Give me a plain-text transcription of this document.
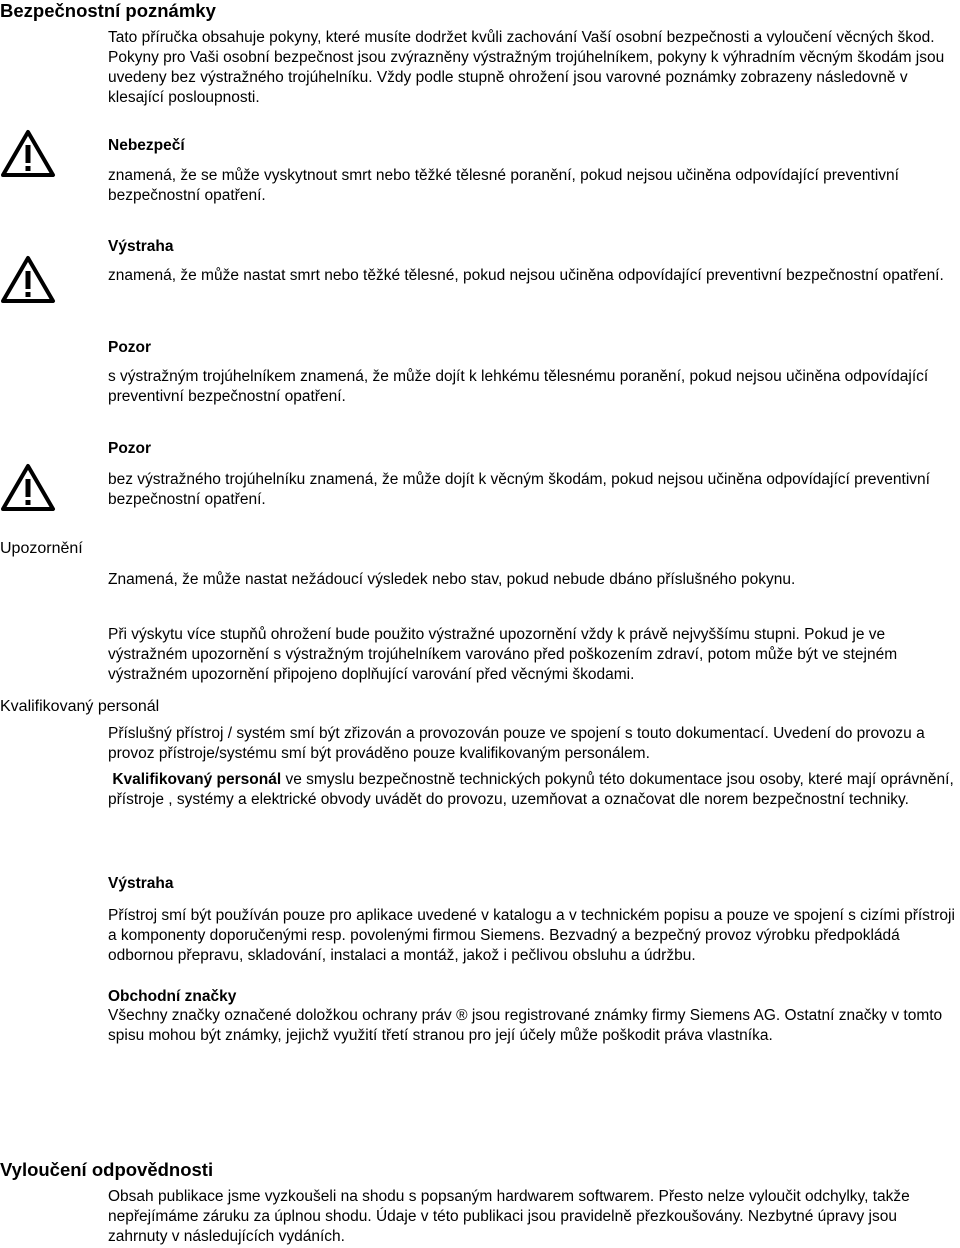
Bezpečnostní poznámky

Tato příručka obsahuje pokyny, které musíte dodržet kvůli zachování Vaší osobní bezpečnosti a vyloučení věcných škod. Pokyny pro Vaši osobní bezpečnost jsou zvýrazněny výstražným trojúhelníkem, pokyny k výhradním věcným škodám jsou uvedeny bez výstražného trojúhelníku. Vždy podle stupně ohrožení jsou varovné poznámky zobrazeny následovně v klesající posloupnosti.

Nebezpečí

znamená, že se může vyskytnout smrt nebo těžké tělesné poranění, pokud nejsou učiněna odpovídající preventivní bezpečnostní opatření.

Výstraha

znamená, že může nastat smrt nebo těžké tělesné, pokud nejsou učiněna odpovídající preventivní bezpečnostní opatření.

Pozor

s výstražným trojúhelníkem znamená, že může dojít k lehkému tělesnému poranění, pokud nejsou učiněna odpovídající preventivní bezpečnostní opatření.

Pozor

bez výstražného trojúhelníku znamená, že může dojít k věcným škodám, pokud nejsou učiněna odpovídající preventivní bezpečnostní opatření.

Upozornění

Znamená, že může nastat nežádoucí výsledek nebo stav, pokud nebude dbáno příslušného pokynu.

Při výskytu více stupňů ohrožení bude použito výstražné upozornění vždy k právě nejvyššímu stupni. Pokud je ve výstražném upozornění s výstražným trojúhelníkem varováno před poškozením zdraví, potom může být ve stejném výstražném upozornění připojeno doplňující varování před věcnými škodami.

Kvalifikovaný personál

Příslušný přístroj / systém smí být zřizován a provozován pouze ve spojení s touto dokumentací. Uvedení do provozu a provoz přístroje/systému smí být prováděno pouze kvalifikovaným personálem.

Kvalifikovaný personál ve smyslu bezpečnostně technických pokynů této dokumentace jsou osoby, které mají oprávnění, přístroje , systémy a elektrické obvody uvádět do provozu, uzemňovat a označovat dle norem bezpečnostní techniky.

Výstraha

Přístroj smí být používán pouze pro aplikace uvedené v katalogu a v technickém popisu a pouze ve spojení s cizími přístroji a komponenty doporučenými resp. povolenými firmou Siemens. Bezvadný a bezpečný provoz výrobku předpokládá odbornou přepravu, skladování, instalaci a montáž, jakož i pečlivou obsluhu a údržbu.

Obchodní značky

Všechny značky označené doložkou ochrany práv ® jsou registrované známky firmy Siemens AG. Ostatní značky v tomto spisu mohou být známky, jejichž využití třetí stranou pro její účely může poškodit práva vlastníka.

Vyloučení odpovědnosti

Obsah publikace jsme vyzkoušeli na shodu s popsaným hardwarem softwarem. Přesto nelze vyloučit odchylky, takže nepřejímáme záruku za úplnou shodu. Údaje v této publikaci jsou pravidelně přezkoušovány. Nezbytné úpravy jsou zahrnuty v následujících vydáních.
